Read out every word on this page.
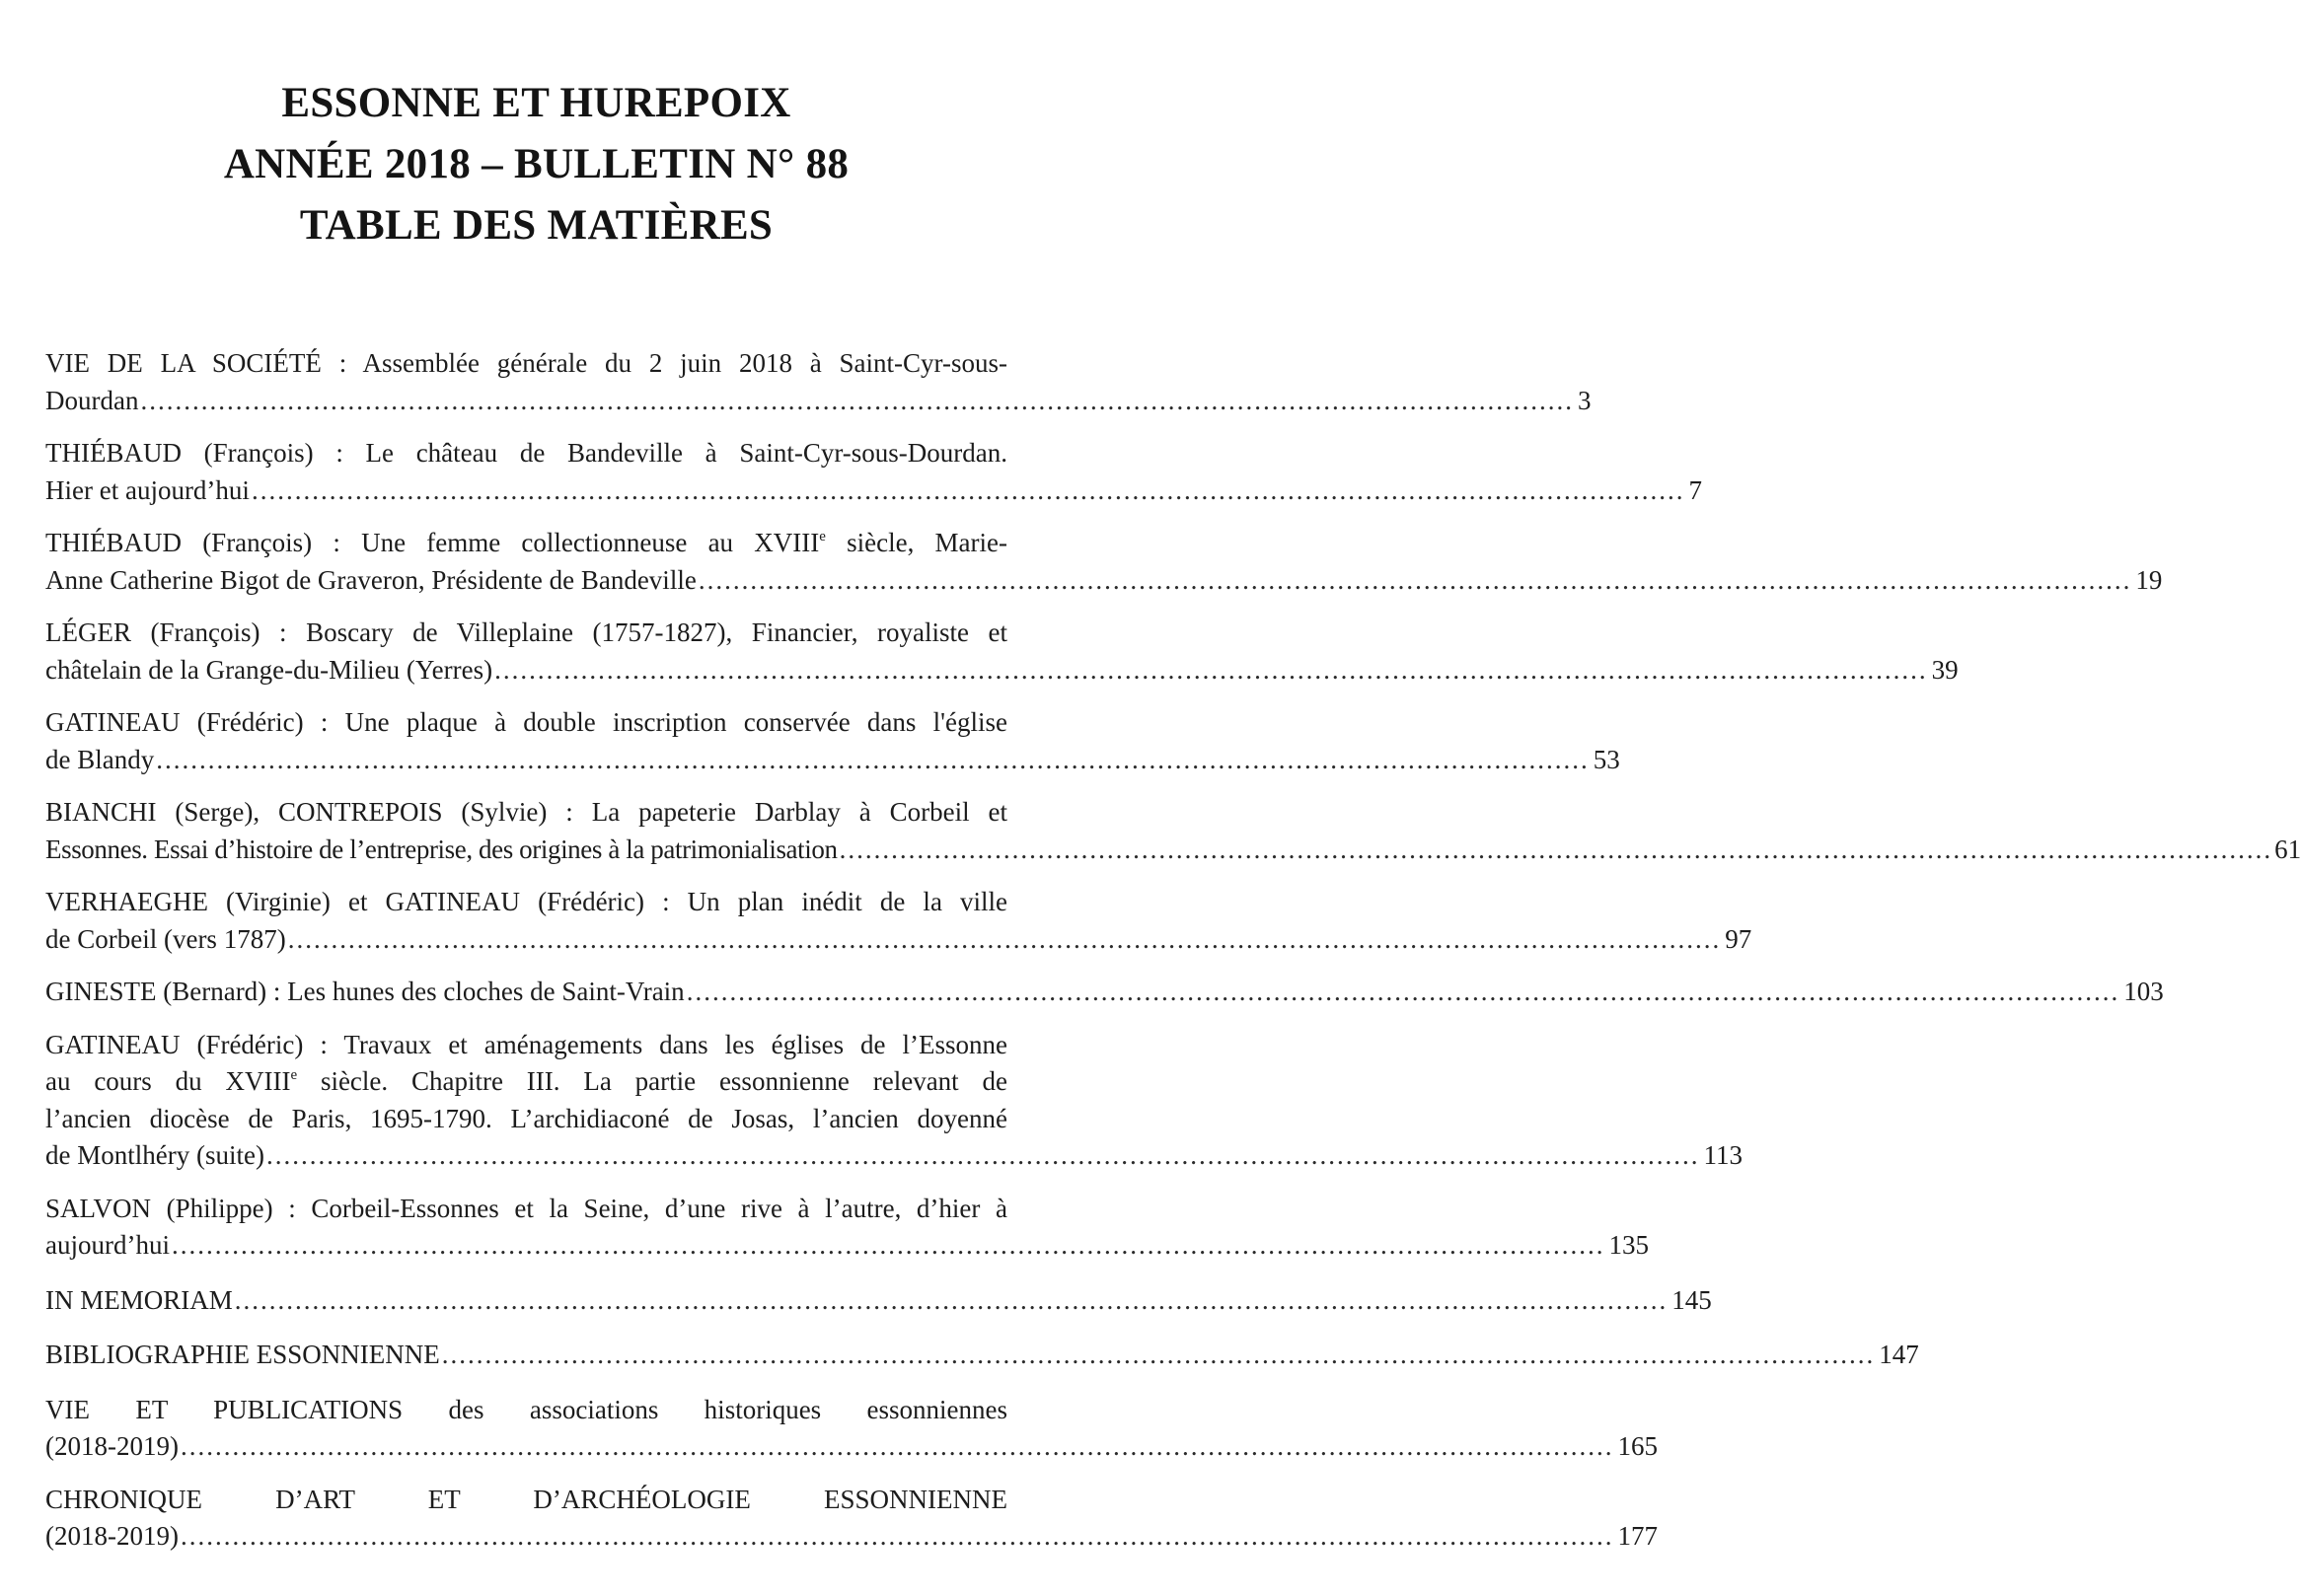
ESSONNE ET HUREPOIX
ANNÉE 2018 – BULLETIN N° 88
TABLE DES MATIÈRES
VIE DE LA SOCIÉTÉ : Assemblée générale du 2 juin 2018 à Saint-Cyr-sous-
Dourdan ...................................................................................................................................................................... 3
THIÉBAUD (François) : Le château de Bandeville à Saint-Cyr-sous-Dourdan.
Hier et aujourd’hui ...................................................................................................................................................................... 7
THIÉBAUD (François) : Une femme collectionneuse au XVIIIe siècle, Marie-
Anne Catherine Bigot de Graveron, Présidente de Bandeville ...................................................................................................................................................................... 19
LÉGER (François) : Boscary de Villeplaine (1757-1827), Financier, royaliste et
châtelain de la Grange-du-Milieu (Yerres) ...................................................................................................................................................................... 39
GATINEAU (Frédéric) : Une plaque à double inscription conservée dans l'église
de Blandy ...................................................................................................................................................................... 53
BIANCHI (Serge), CONTREPOIS (Sylvie) : La papeterie Darblay à Corbeil et
Essonnes. Essai d’histoire de l’entreprise, des origines à la patrimonialisation ...................................................................................................................................................................... 61
VERHAEGHE (Virginie) et GATINEAU (Frédéric) : Un plan inédit de la ville
de Corbeil (vers 1787) ...................................................................................................................................................................... 97
GINESTE (Bernard) : Les hunes des cloches de Saint-Vrain ...................................................................................................................................................................... 103
GATINEAU (Frédéric) : Travaux et aménagements dans les églises de l’Essonne
au cours du XVIIIe siècle. Chapitre III. La partie essonnienne relevant de
l’ancien diocèse de Paris, 1695-1790. L’archidiaconé de Josas, l’ancien doyenné
de Montlhéry (suite) ...................................................................................................................................................................... 113
SALVON (Philippe) : Corbeil-Essonnes et la Seine, d’une rive à l’autre, d’hier à
aujourd’hui ...................................................................................................................................................................... 135
IN MEMORIAM ...................................................................................................................................................................... 145
BIBLIOGRAPHIE ESSONNIENNE ...................................................................................................................................................................... 147
VIE ET PUBLICATIONS des associations historiques essonniennes
(2018-2019) ...................................................................................................................................................................... 165
CHRONIQUE D’ART ET D’ARCHÉOLOGIE ESSONNIENNE
(2018-2019) ...................................................................................................................................................................... 177
